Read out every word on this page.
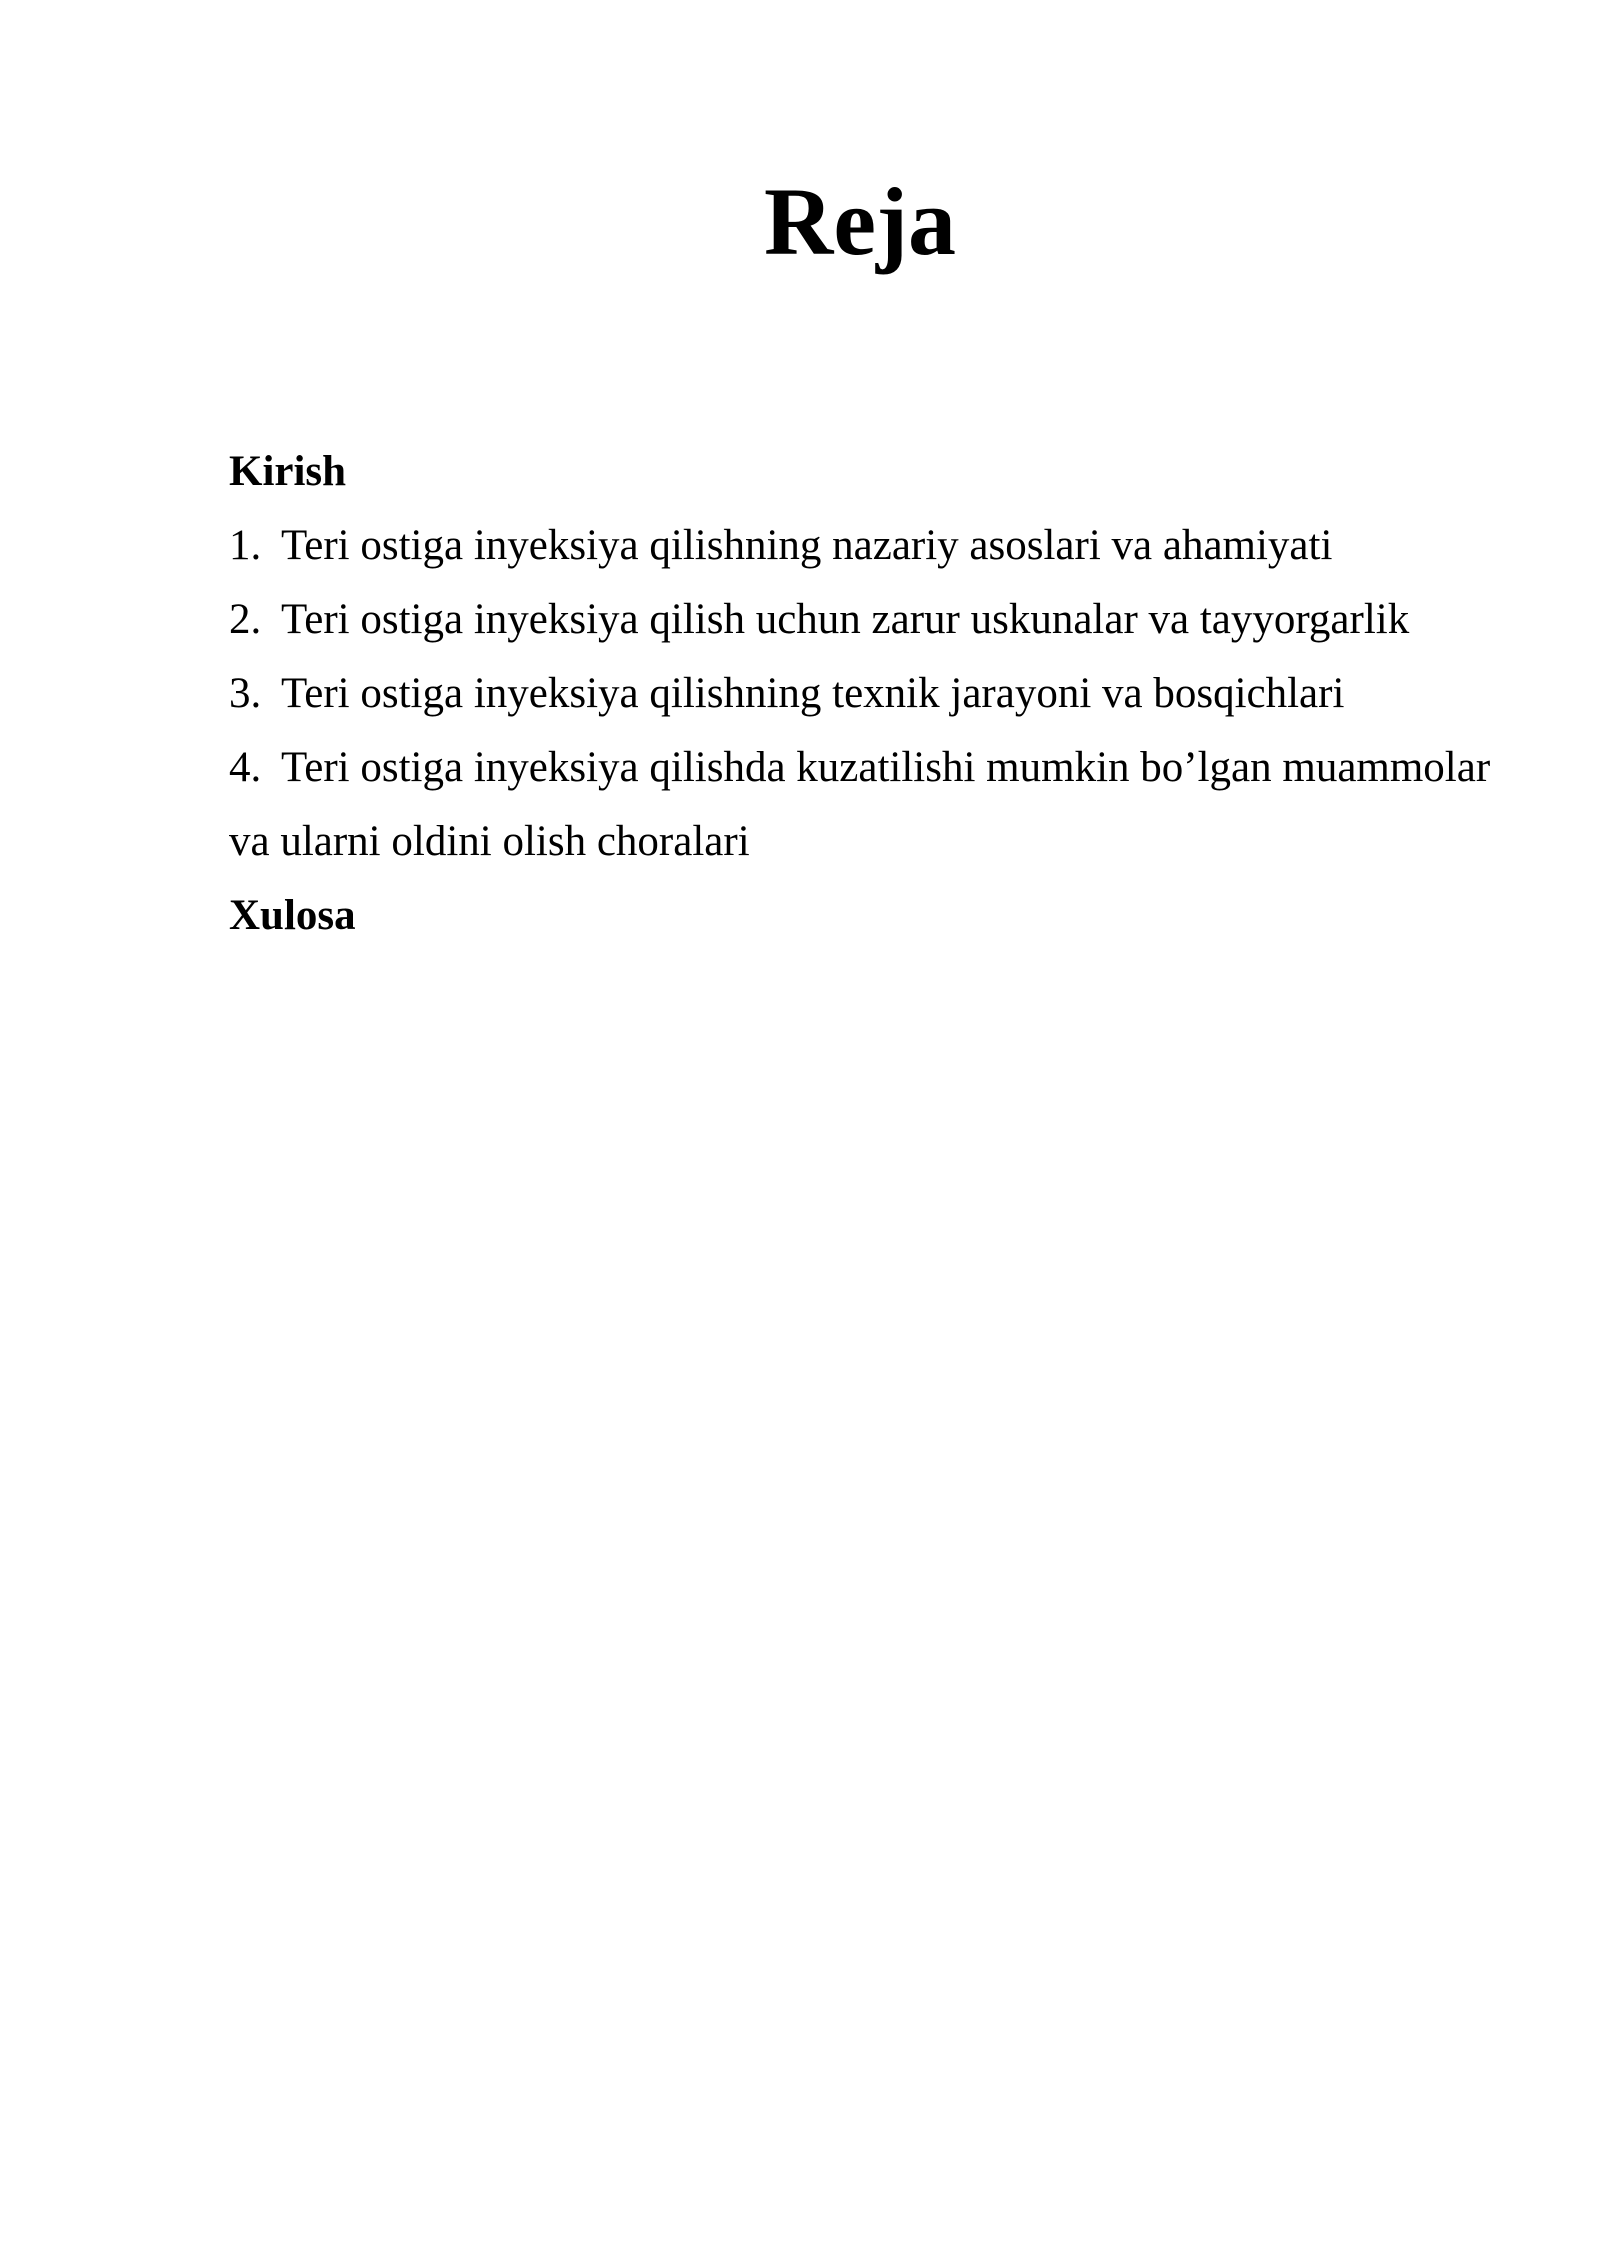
Reja

Kirish

1. Teri ostiga inyeksiya qilishning nazariy asoslari va ahamiyati
2. Teri ostiga inyeksiya qilish uchun zarur uskunalar va tayyorgarlik
3. Teri ostiga inyeksiya qilishning texnik jarayoni va bosqichlari
4. Teri ostiga inyeksiya qilishda kuzatilishi mumkin bo’lgan muammolar va ularni oldini olish choralari

Xulosa
